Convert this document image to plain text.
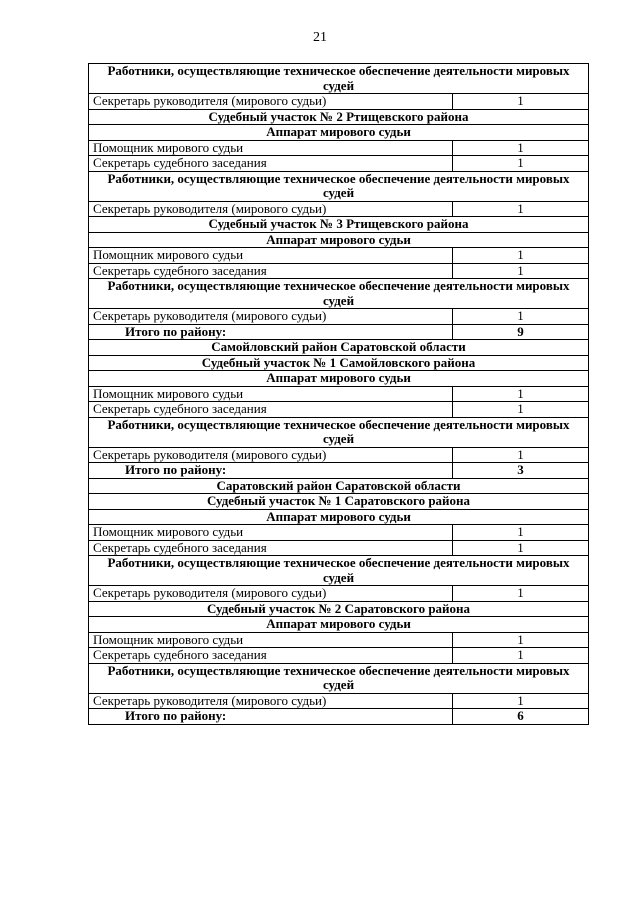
21
Работники, осуществляющие техническое обеспечение деятельности мировых судей	
Секретарь руководителя (мирового судьи)	1
Судебный участок № 2 Ртищевского района	
Аппарат мирового судьи	
Помощник мирового судьи	1
Секретарь судебного заседания	1
Работники, осуществляющие техническое обеспечение деятельности мировых судей	
Секретарь руководителя (мирового судьи)	1
Судебный участок № 3 Ртищевского района	
Аппарат мирового судьи	
Помощник мирового судьи	1
Секретарь судебного заседания	1
Работники, осуществляющие техническое обеспечение деятельности мировых судей	
Секретарь руководителя (мирового судьи)	1
Итого по району:	9
Самойловский район Саратовской области	
Судебный участок № 1 Самойловского района	
Аппарат мирового судьи	
Помощник мирового судьи	1
Секретарь судебного заседания	1
Работники, осуществляющие техническое обеспечение деятельности мировых судей	
Секретарь руководителя (мирового судьи)	1
Итого по району:	3
Саратовский район Саратовской области	
Судебный участок № 1 Саратовского района	
Аппарат мирового судьи	
Помощник мирового судьи	1
Секретарь судебного заседания	1
Работники, осуществляющие техническое обеспечение деятельности мировых судей	
Секретарь руководителя (мирового судьи)	1
Судебный участок № 2 Саратовского района	
Аппарат мирового судьи	
Помощник мирового судьи	1
Секретарь судебного заседания	1
Работники, осуществляющие техническое обеспечение деятельности мировых судей	
Секретарь руководителя (мирового судьи)	1
Итого по району:	6
